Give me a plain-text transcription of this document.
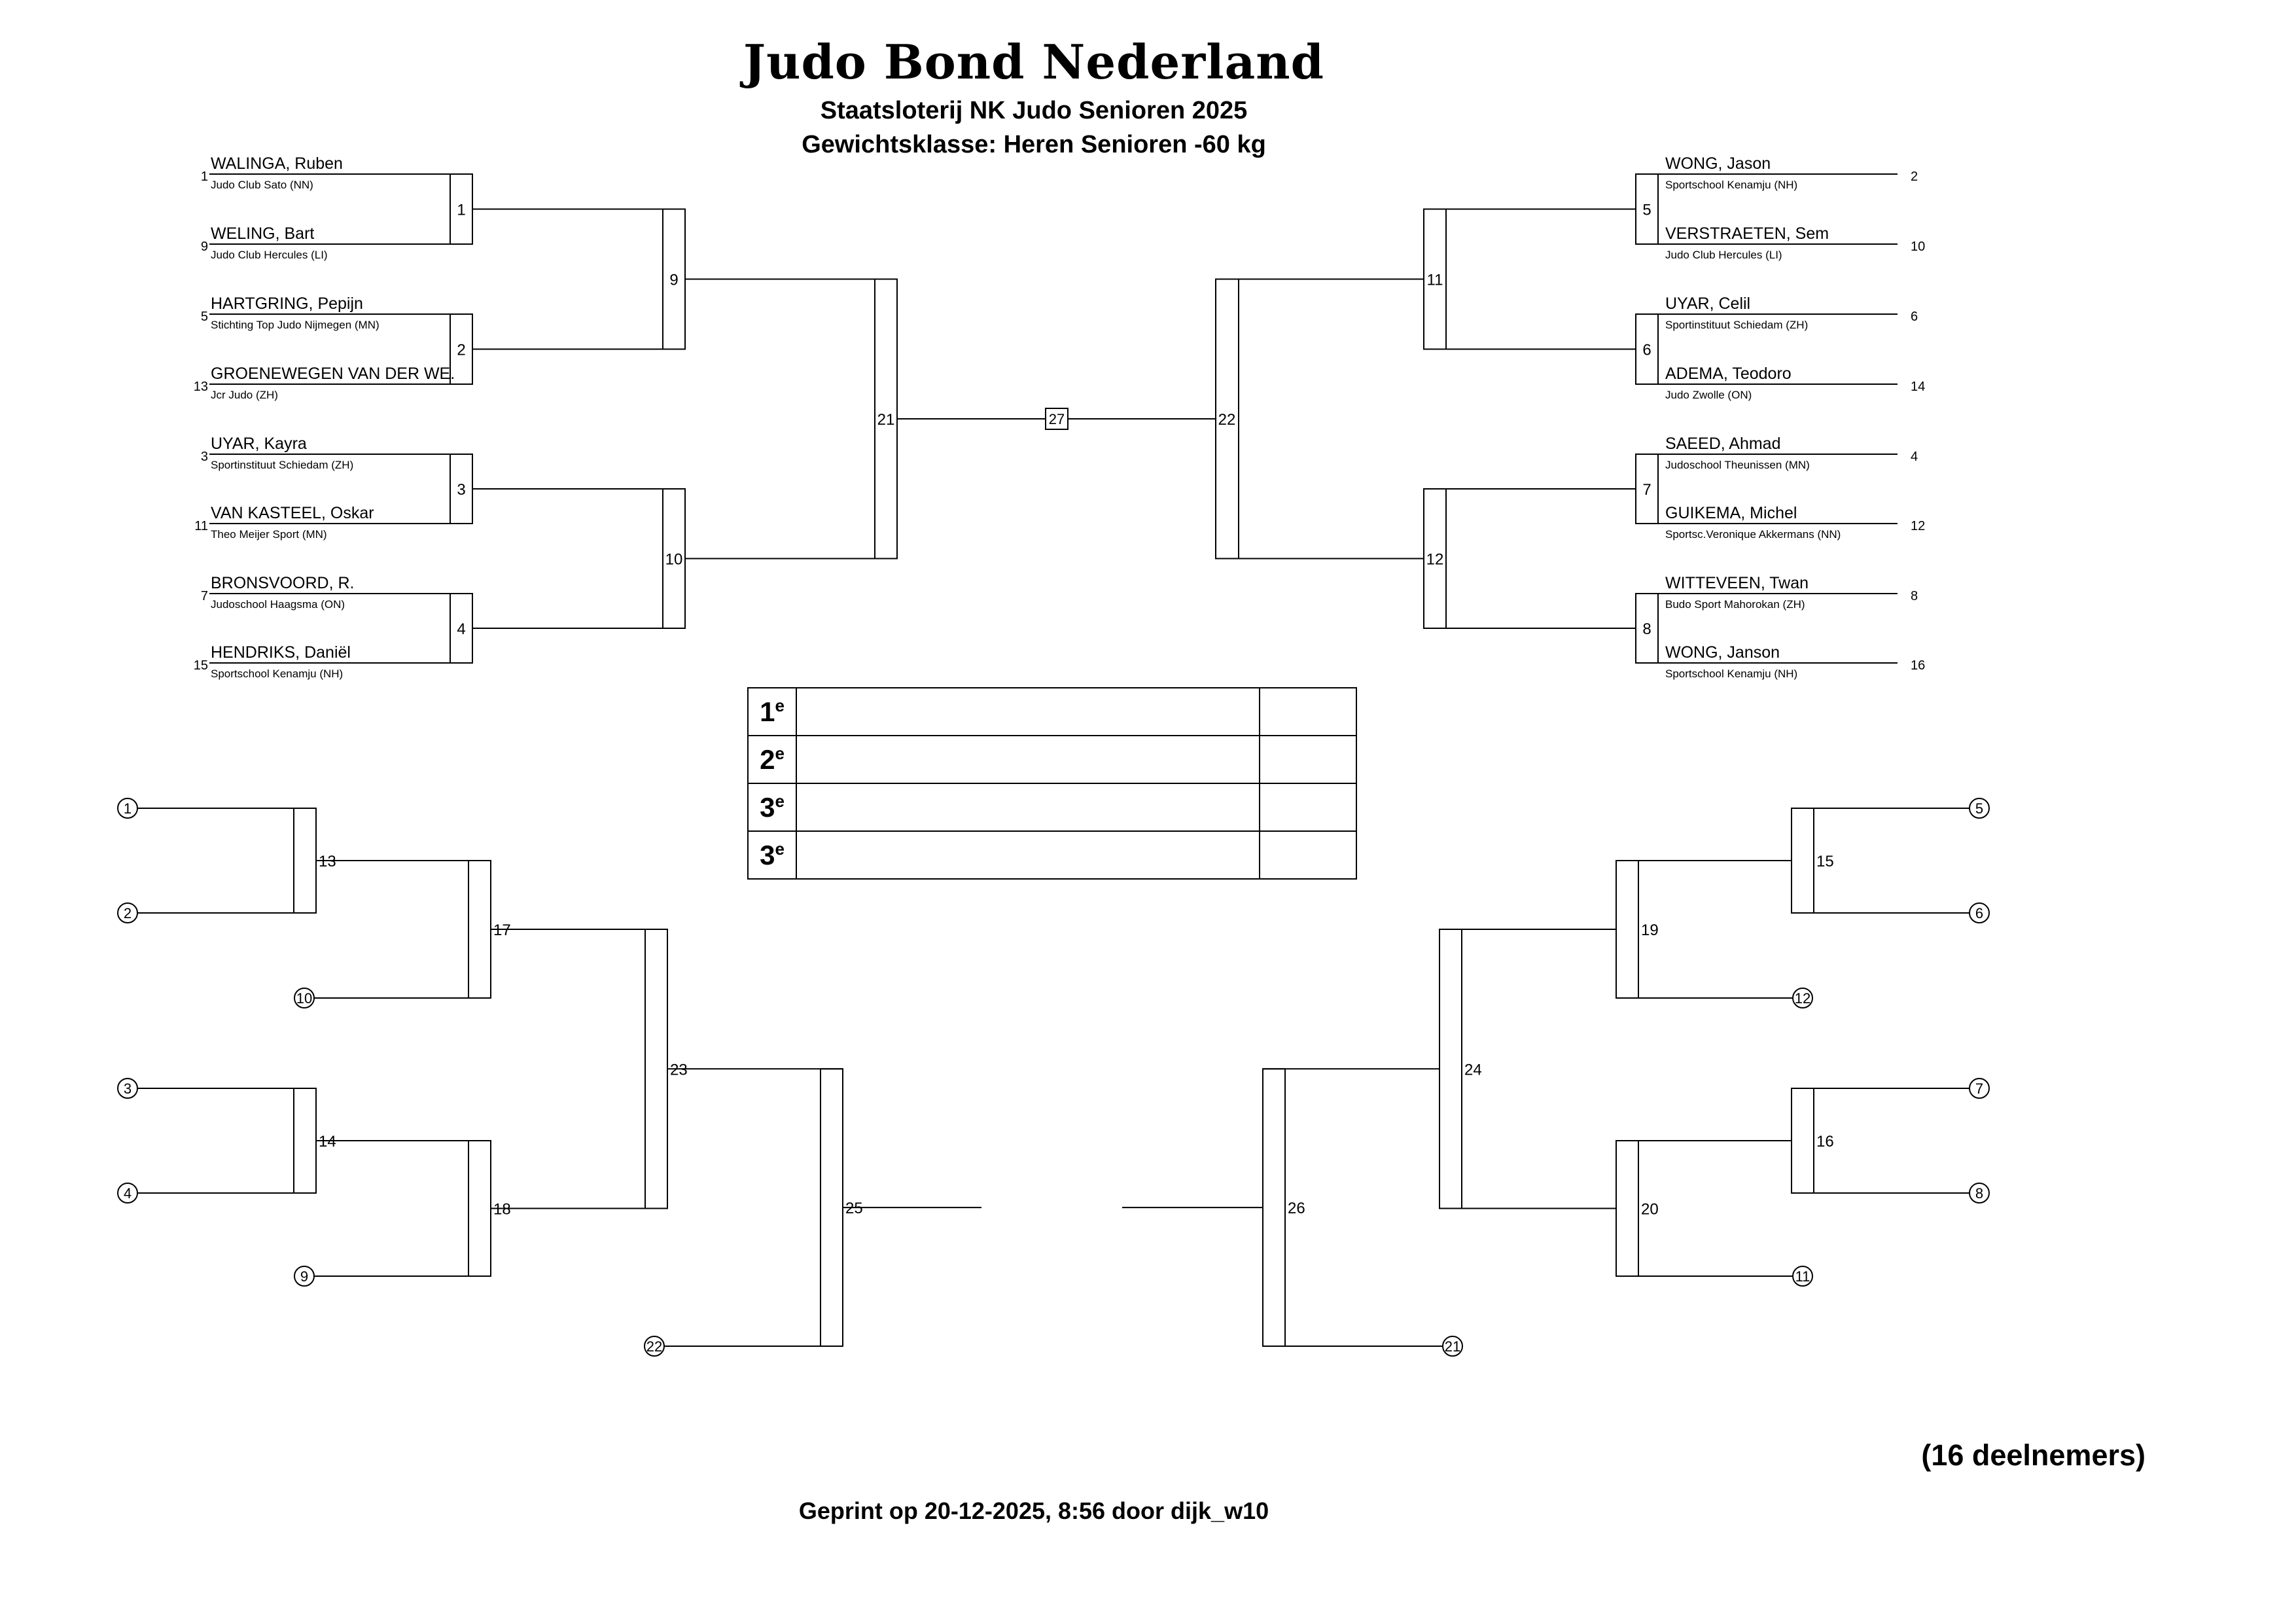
Judo Bond Nederland
Staatsloterij NK Judo Senioren 2025
Gewichtsklasse: Heren Senioren -60 kg
WALINGA, Ruben
Judo Club Sato (NN)
1
WELING, Bart
Judo Club Hercules (LI)
9
HARTGRING, Pepijn
Stichting Top Judo Nijmegen (MN)
5
GROENEWEGEN VAN DER WE.
Jcr Judo (ZH)
13
UYAR, Kayra
Sportinstituut Schiedam (ZH)
3
VAN KASTEEL, Oskar
Theo Meijer Sport (MN)
11
BRONSVOORD, R.
Judoschool Haagsma (ON)
7
HENDRIKS, Daniël
Sportschool Kenamju (NH)
15
1
2
3
4
9
10
21
WONG, Jason
Sportschool Kenamju (NH)
2
VERSTRAETEN, Sem
Judo Club Hercules (LI)
10
UYAR, Celil
Sportinstituut Schiedam (ZH)
6
ADEMA, Teodoro
Judo Zwolle (ON)
14
SAEED, Ahmad
Judoschool Theunissen (MN)
4
GUIKEMA, Michel
Sportsc.Veronique Akkermans (NN)
12
WITTEVEEN, Twan
Budo Sport Mahorokan (ZH)
8
WONG, Janson
Sportschool Kenamju (NH)
16
5
6
7
8
11
12
22
27
1
2
13
3
4
14
10
17
9
18
23
22
25
5
6
15
7
8
16
12
19
11
20
24
21
26
1e		
2e		
3e		
3e		
(16 deelnemers)
Geprint op 20-12-2025, 8:56 door dijk_w10
